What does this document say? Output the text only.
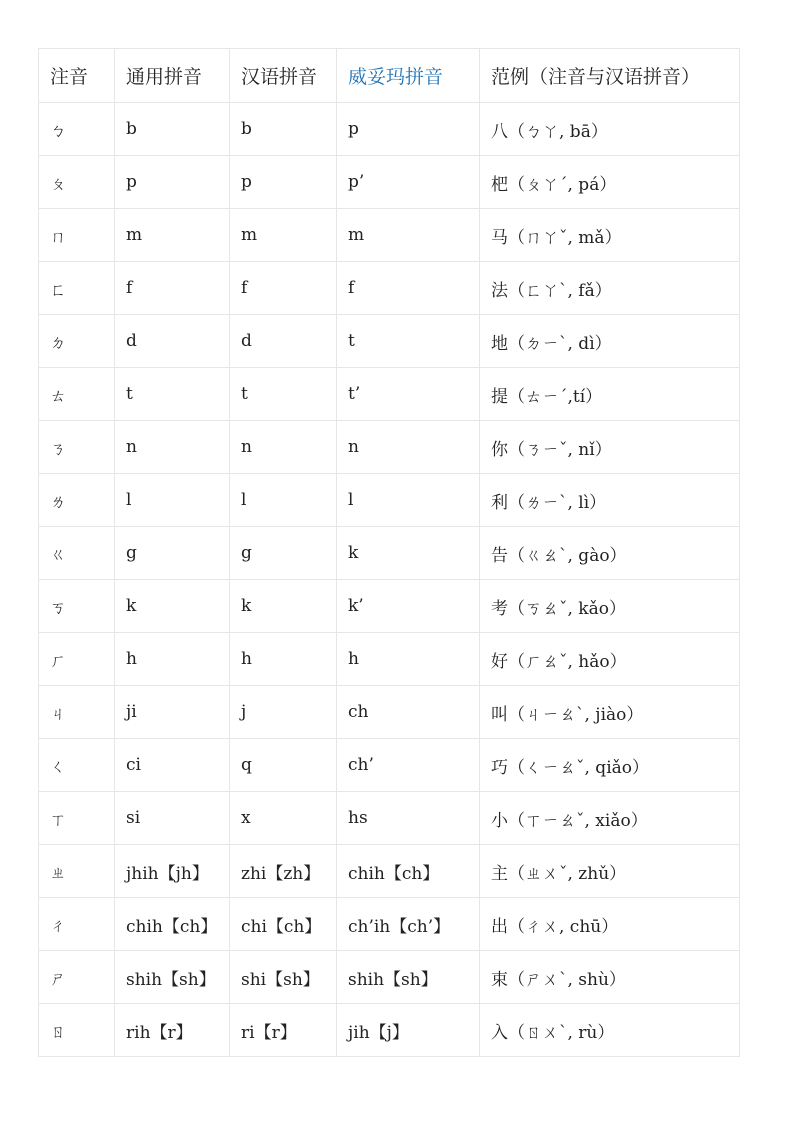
注音	通用拼音	汉语拼音	威妥玛拼音	范例（注音与汉语拼音）
ㄅ	b	b	p	八（ㄅㄚ, bā）
ㄆ	p	p	p’	杷（ㄆㄚˊ, pá）
ㄇ	m	m	m	马（ㄇㄚˇ, mǎ）
ㄈ	f	f	f	法（ㄈㄚˋ, fǎ）
ㄉ	d	d	t	地（ㄉㄧˋ, dì）
ㄊ	t	t	t’	提（ㄊㄧˊ,tí）
ㄋ	n	n	n	你（ㄋㄧˇ, nǐ）
ㄌ	l	l	l	利（ㄌㄧˋ, lì）
ㄍ	g	g	k	告（ㄍㄠˋ, gào）
ㄎ	k	k	k’	考（ㄎㄠˇ, kǎo）
ㄏ	h	h	h	好（ㄏㄠˇ, hǎo）
ㄐ	ji	j	ch	叫（ㄐㄧㄠˋ, jiào）
ㄑ	ci	q	ch’	巧（ㄑㄧㄠˇ, qiǎo）
ㄒ	si	x	hs	小（ㄒㄧㄠˇ, xiǎo）
ㄓ	jhih【jh】	zhi【zh】	chih【ch】	主（ㄓㄨˇ, zhǔ）
ㄔ	chih【ch】	chi【ch】	ch’ih【ch’】	出（ㄔㄨ, chū）
ㄕ	shih【sh】	shi【sh】	shih【sh】	束（ㄕㄨˋ, shù）
ㄖ	rih【r】	ri【r】	jih【j】	入（ㄖㄨˋ, rù）
